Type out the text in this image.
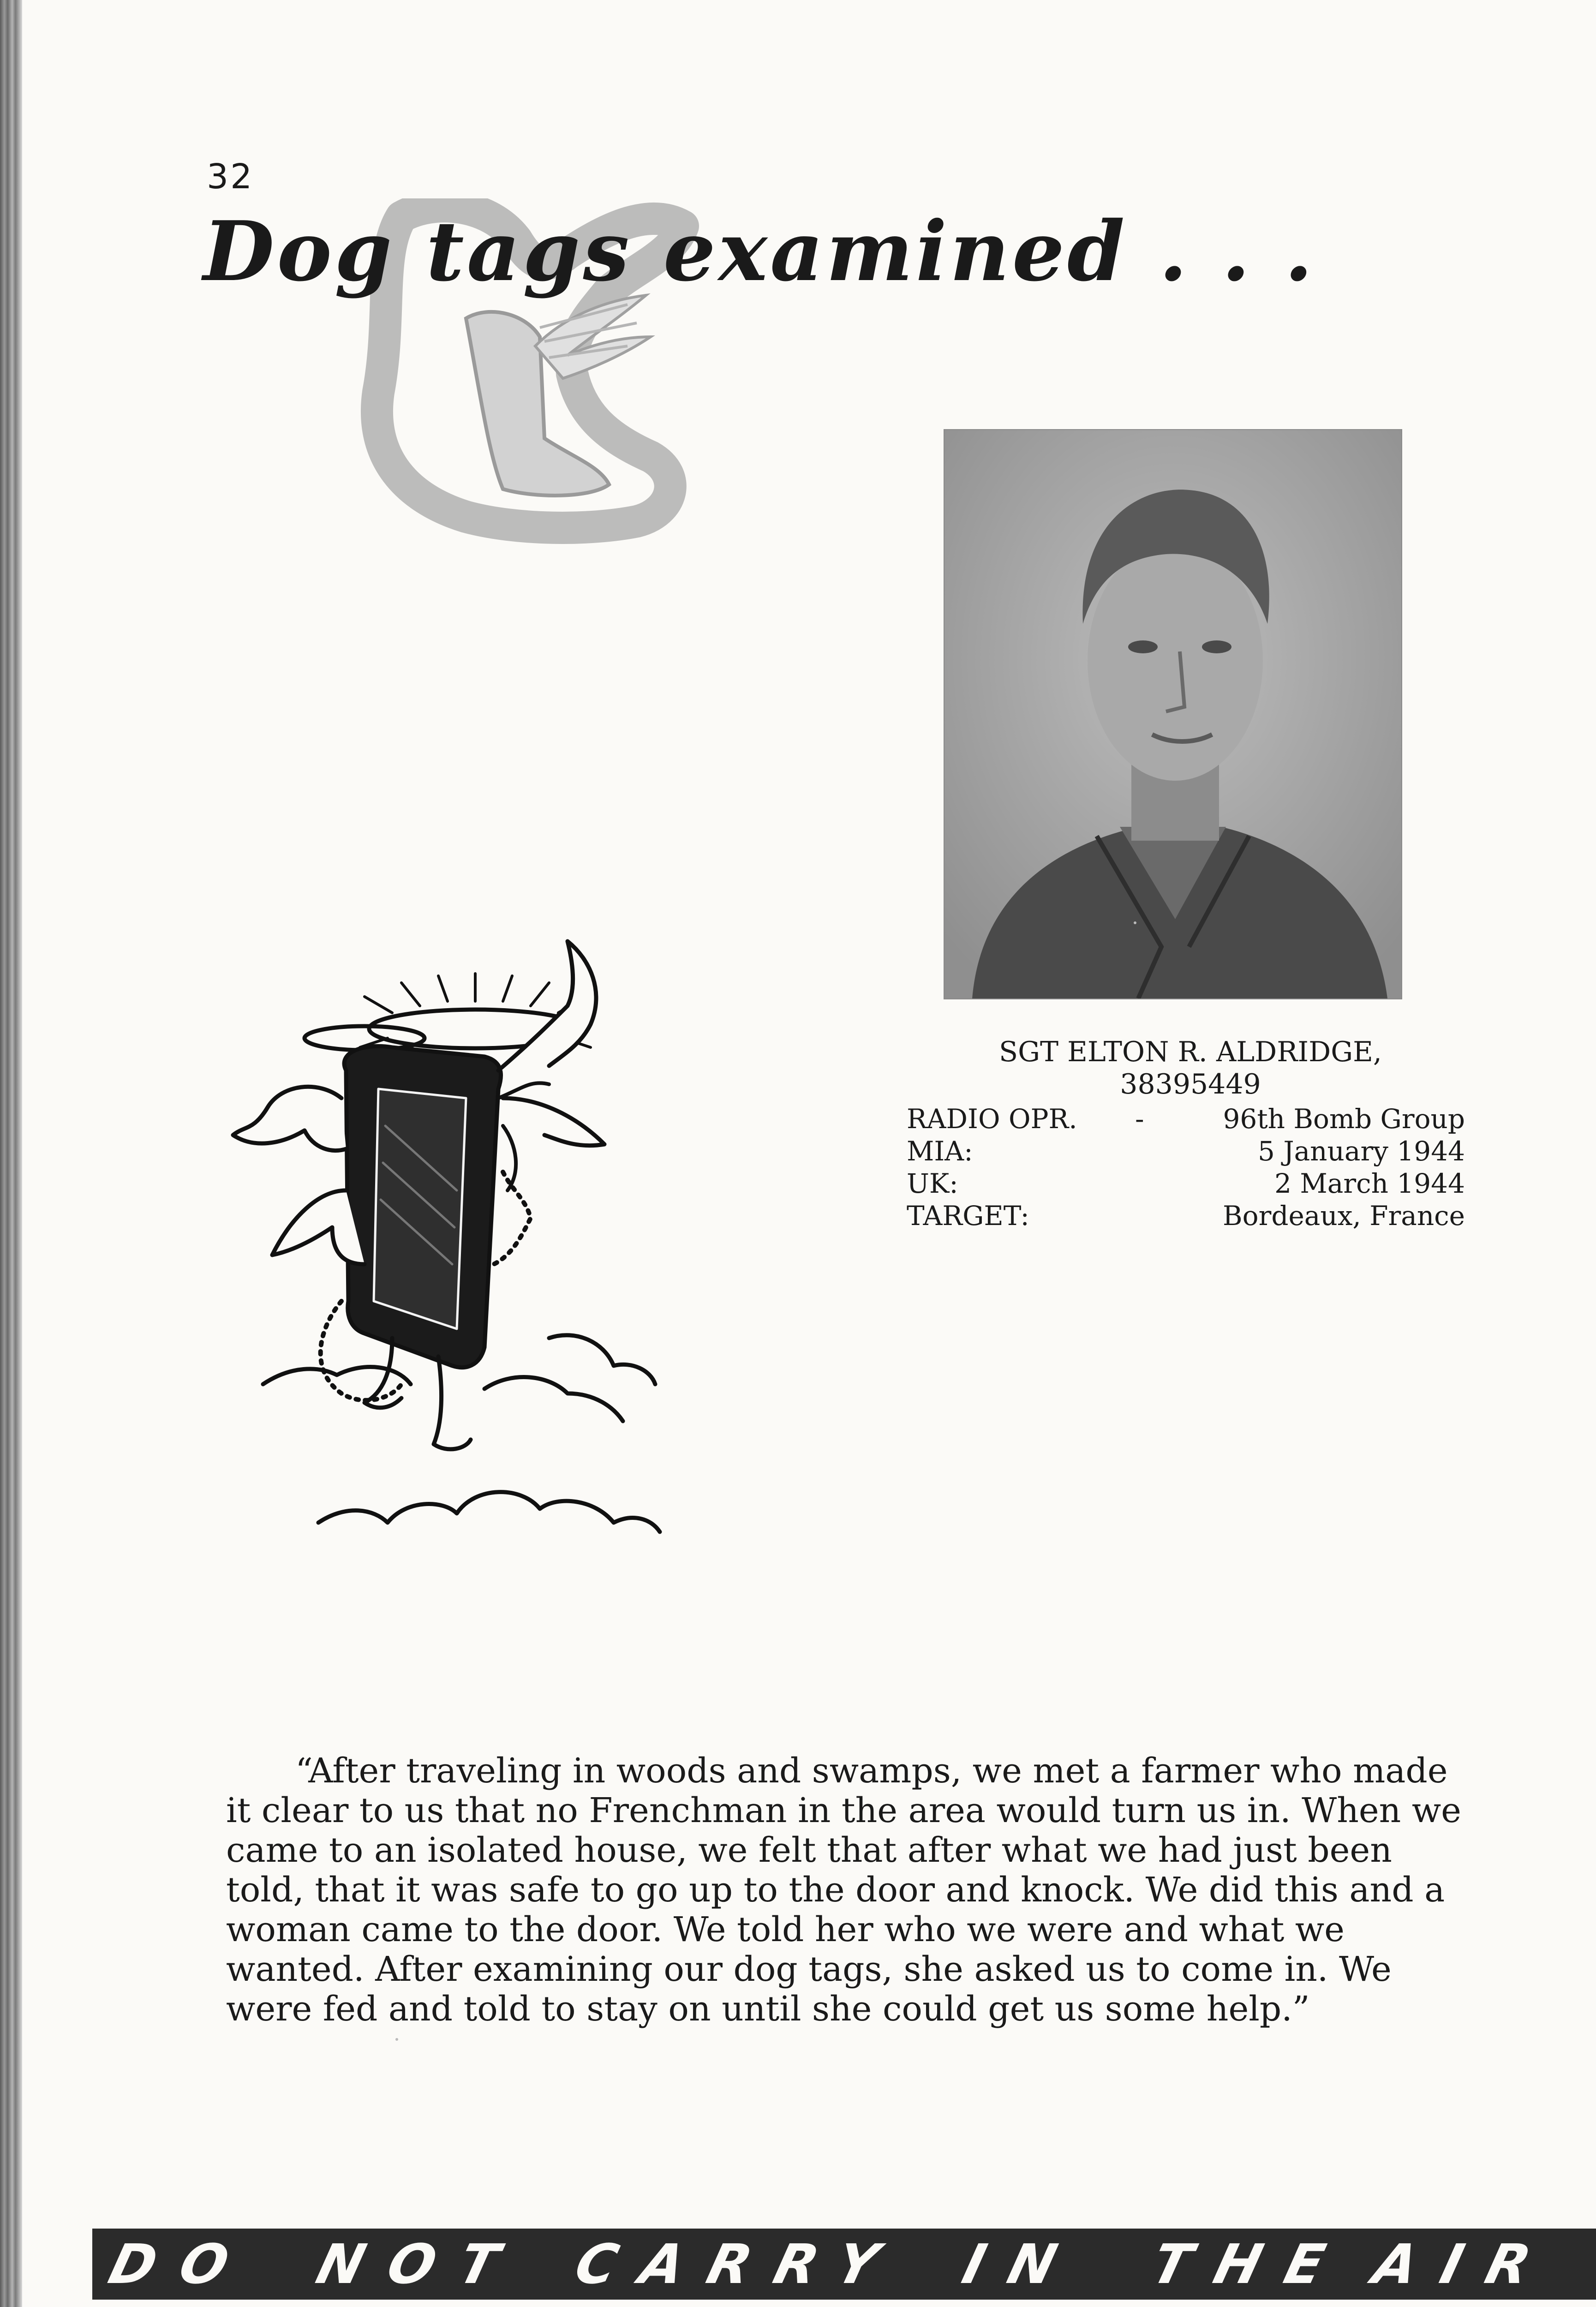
32
Dog tags examined . . .
SGT ELTON R. ALDRIDGE,
38395449
RADIO OPR. -	96th Bomb Group
MIA:	5 January 1944
UK:	2 March 1944
TARGET:	Bordeaux, France
“After traveling in woods and swamps, we met a farmer who made it clear to us that no Frenchman in the area would turn us in. When we came to an isolated house, we felt that after what we had just been told, that it was safe to go up to the door and knock. We did this and a woman came to the door. We told her who we were and what we wanted. After examining our dog tags, she asked us to come in. We were fed and told to stay on until she could get us some help.”
DO NOT CARRY IN THE AIR
